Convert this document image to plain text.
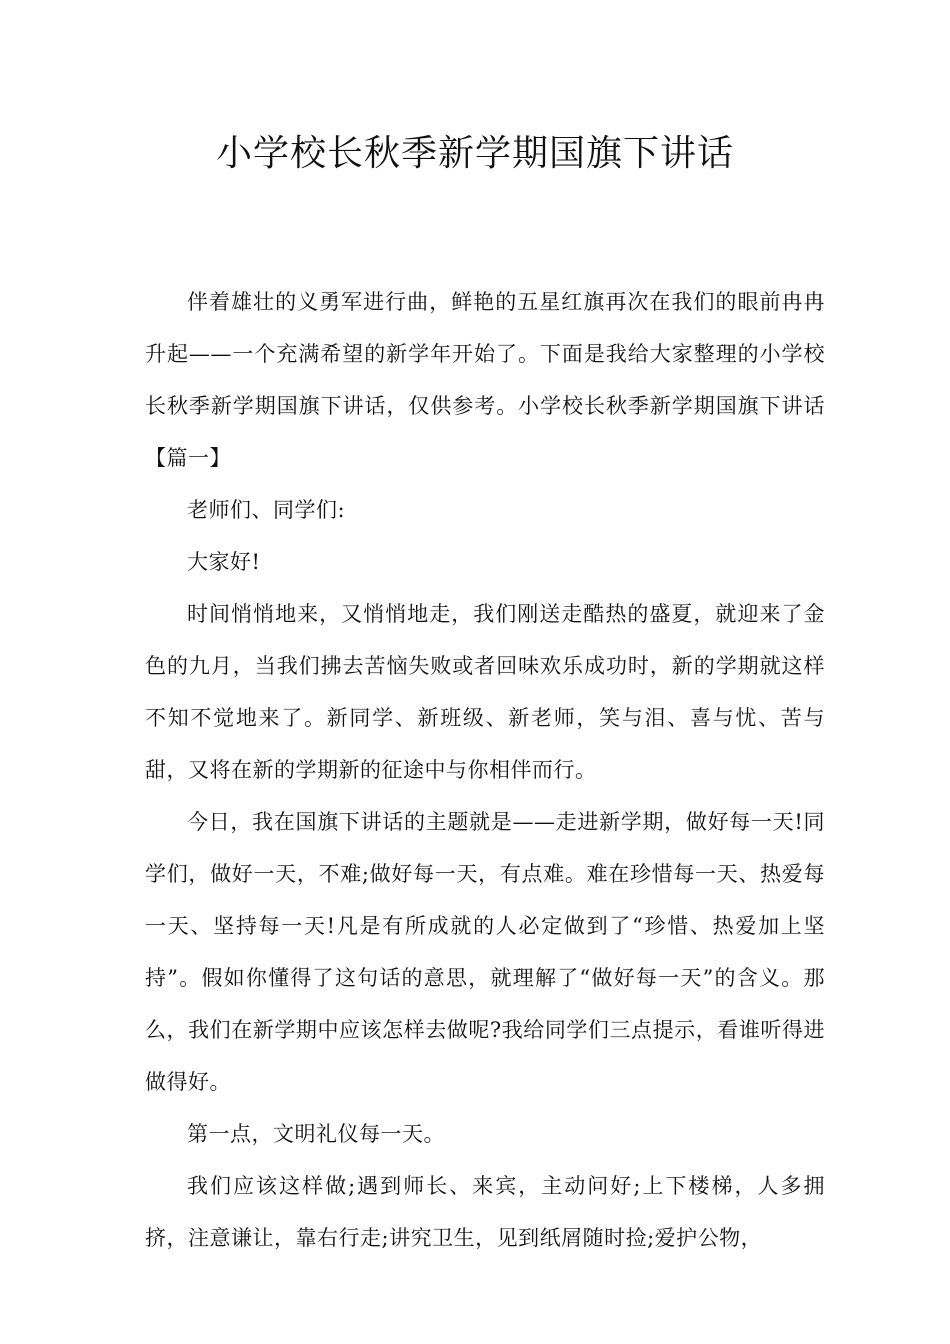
小学校长秋季新学期国旗下讲话

伴着雄壮的义勇军进行曲，鲜艳的五星红旗再次在我们的眼前冉冉升起——一个充满希望的新学年开始了。下面是我给大家整理的小学校长秋季新学期国旗下讲话，仅供参考。小学校长秋季新学期国旗下讲话【篇一】

老师们、同学们:

大家好!

时间悄悄地来，又悄悄地走，我们刚送走酷热的盛夏，就迎来了金色的九月，当我们拂去苦恼失败或者回味欢乐成功时，新的学期就这样不知不觉地来了。新同学、新班级、新老师，笑与泪、喜与忧、苦与甜，又将在新的学期新的征途中与你相伴而行。

今日，我在国旗下讲话的主题就是——走进新学期，做好每一天!同学们，做好一天，不难;做好每一天，有点难。难在珍惜每一天、热爱每一天、坚持每一天!凡是有所成就的人必定做到了“珍惜、热爱加上坚持”。假如你懂得了这句话的意思，就理解了“做好每一天”的含义。那么，我们在新学期中应该怎样去做呢?我给同学们三点提示，看谁听得进做得好。

第一点，文明礼仪每一天。

我们应该这样做;遇到师长、来宾，主动问好;上下楼梯，人多拥挤，注意谦让，靠右行走;讲究卫生，见到纸屑随时捡;爱护公物，
